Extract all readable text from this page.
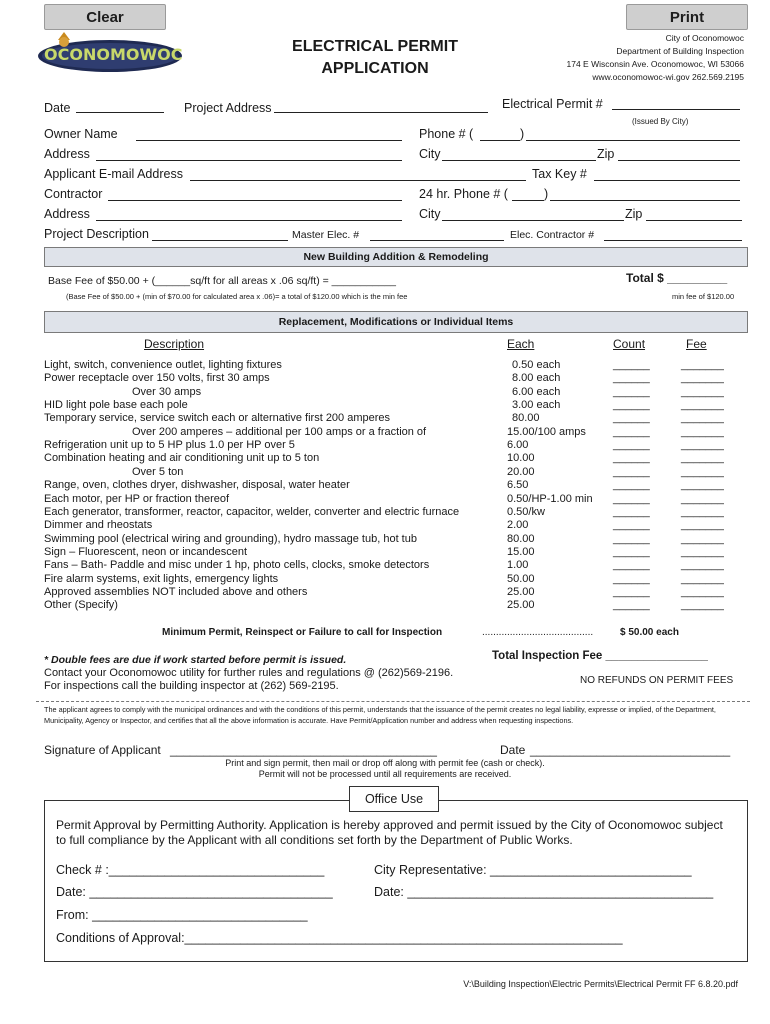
Clear	Print
OCONOMOWOC	ELECTRICAL PERMIT
APPLICATION
City of Oconomowoc
Department of Building Inspection
174 E Wisconsin Ave. Oconomowoc, WI 53066
www.oconomowoc-wi.gov 262.569.2195
Date	Project Address	Electrical Permit #
(Issued By City)
Owner Name	Phone # (	)
Address	City	Zip
Applicant E-mail Address	Tax Key #
Contractor	24 hr. Phone # (	)
Address	City	Zip
Project Description	Master Elec. #	Elec. Contractor #
New Building Addition & Remodeling
Base Fee of $50.00 + (______sq/ft for all areas x .06 sq/ft) = ___________
(Base Fee of $50.00 + (min of $70.00 for calculated area x .06)= a total of $120.00 which is the min fee
Total $ _________
min fee of $120.00
Replacement, Modifications or Individual Items
Description	Each	Count	Fee
Light, switch, convenience outlet, lighting fixtures	0.50 each	______	_______
Power receptacle over 150 volts, first 30 amps	8.00 each	______	_______
Over 30 amps	6.00 each	______	_______
HID light pole base each pole	3.00 each	______	_______
Temporary service, service switch each or alternative first 200 amperes	80.00	______	_______
Over 200 amperes – additional per 100 amps or a fraction of	15.00/100 amps ______	_______
Refrigeration unit up to 5 HP plus 1.0 per HP over 5	6.00	______	_______
Combination heating and air conditioning unit up to 5 ton	10.00	______	_______
Over 5 ton	20.00	______	_______
Range, oven, clothes dryer, dishwasher, disposal, water heater	6.50	______	_______
Each motor, per HP or fraction thereof	0.50/HP-1.00 min ______	_______
Each generator, transformer, reactor, capacitor, welder, converter and electric furnace	0.50/kw	______	_______
Dimmer and rheostats	2.00	______	_______
Swimming pool (electrical wiring and grounding), hydro massage tub, hot tub	80.00	______	_______
Sign – Fluorescent, neon or incandescent	15.00	______	_______
Fans – Bath- Paddle and misc under 1 hp, photo cells, clocks, smoke detectors	1.00	______	_______
Fire alarm systems, exit lights, emergency lights	50.00	______	_______
Approved assemblies NOT included above and others	25.00	______	_______
Other (Specify)	25.00	______	_______
Minimum Permit, Reinspect or Failure to call for Inspection	........................................	$ 50.00 each
* Double fees are due if work started before permit is issued.
Contact your Oconomowoc utility for further rules and regulations @ (262)569-2196.
For inspections call the building inspector at (262) 569-2195.
Total Inspection Fee ________________
NO REFUNDS ON PERMIT FEES
The applicant agrees to comply with the municipal ordinances and with the conditions of this permit, understands that the issuance of the permit creates no legal liability, expresse or implied, of the Department, Municipality, Agency or Inspector, and certifies that all the above information is accurate. Have Permit/Application number and address when requesting inspections.
Signature of Applicant ________________________________________	Date ______________________________
Print and sign permit, then mail or drop off along with permit fee (cash or check).
Permit will not be processed until all requirements are received.
Office Use
Permit Approval by Permitting Authority. Application is hereby approved and permit issued by the City of Oconomowoc subject to full compliance by the Applicant with all conditions set forth by the Department of Public Works.
Check # :_______________________________	City Representative: _____________________________
Date: ___________________________________	Date: ____________________________________________
From: _______________________________
Conditions of Approval:_______________________________________________________________
V:\Building Inspection\Electric Permits\Electrical Permit FF 6.8.20.pdf
